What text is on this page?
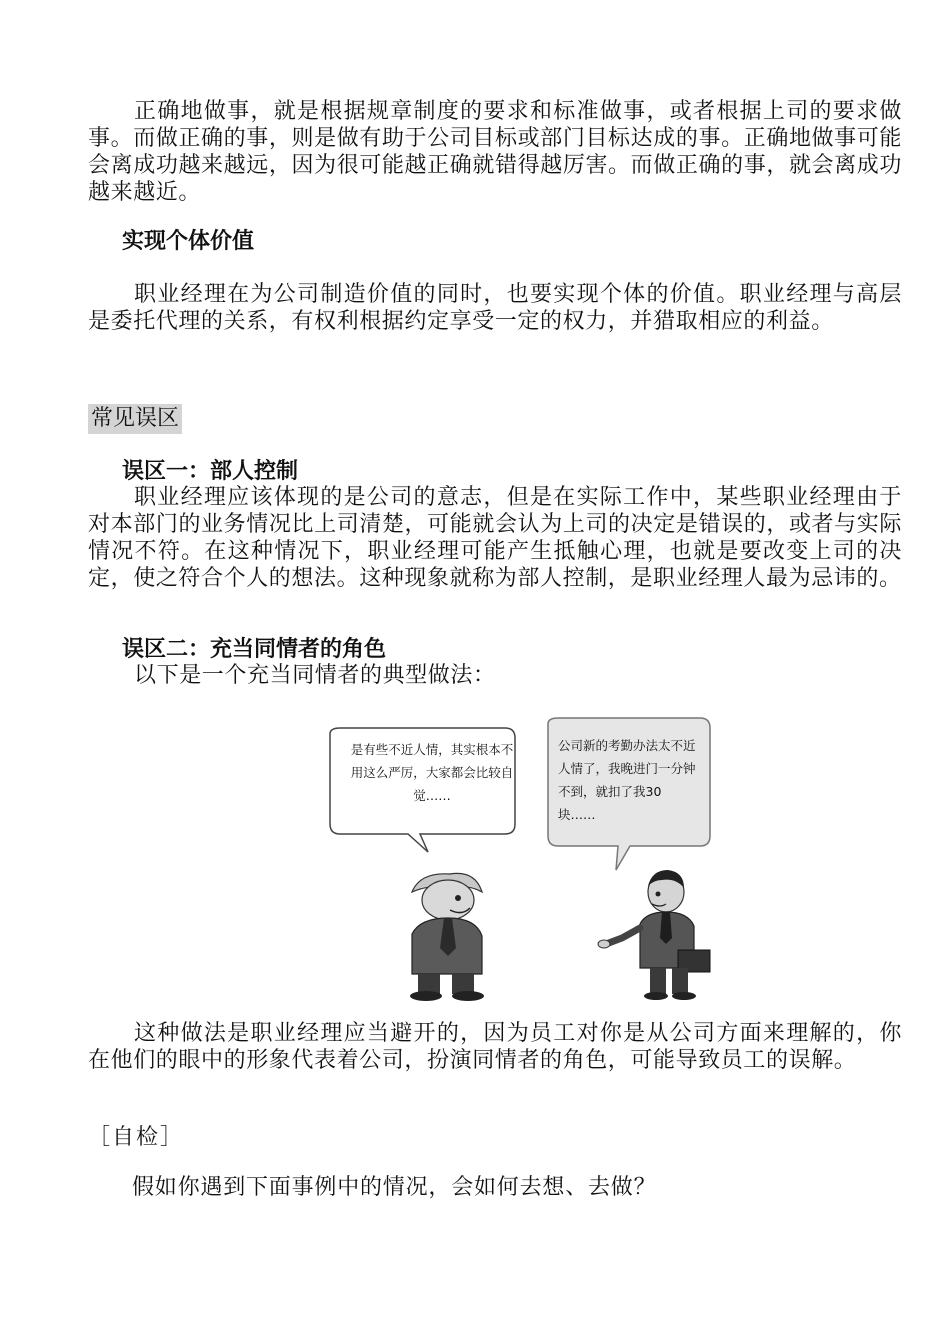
正确地做事，就是根据规章制度的要求和标准做事，或者根据上司的要求做事。而做正确的事，则是做有助于公司目标或部门目标达成的事。正确地做事可能会离成功越来越远，因为很可能越正确就错得越厉害。而做正确的事，就会离成功越来越近。

实现个体价值

职业经理在为公司制造价值的同时，也要实现个体的价值。职业经理与高层是委托代理的关系，有权利根据约定享受一定的权力，并猎取相应的利益。

常见误区

误区一：部人控制

职业经理应该体现的是公司的意志，但是在实际工作中，某些职业经理由于对本部门的业务情况比上司清楚，可能就会认为上司的决定是错误的，或者与实际情况不符。在这种情况下，职业经理可能产生抵触心理，也就是要改变上司的决定，使之符合个人的想法。这种现象就称为部人控制，是职业经理人最为忌讳的。

误区二：充当同情者的角色

以下是一个充当同情者的典型做法：

是有些不近人情，其实根本不用这么严厉，大家都会比较自觉……

公司新的考勤办法太不近人情了，我晚进门一分钟不到，就扣了我30块……

这种做法是职业经理应当避开的，因为员工对你是从公司方面来理解的，你在他们的眼中的形象代表着公司，扮演同情者的角色，可能导致员工的误解。

［自检］

假如你遇到下面事例中的情况，会如何去想、去做？
